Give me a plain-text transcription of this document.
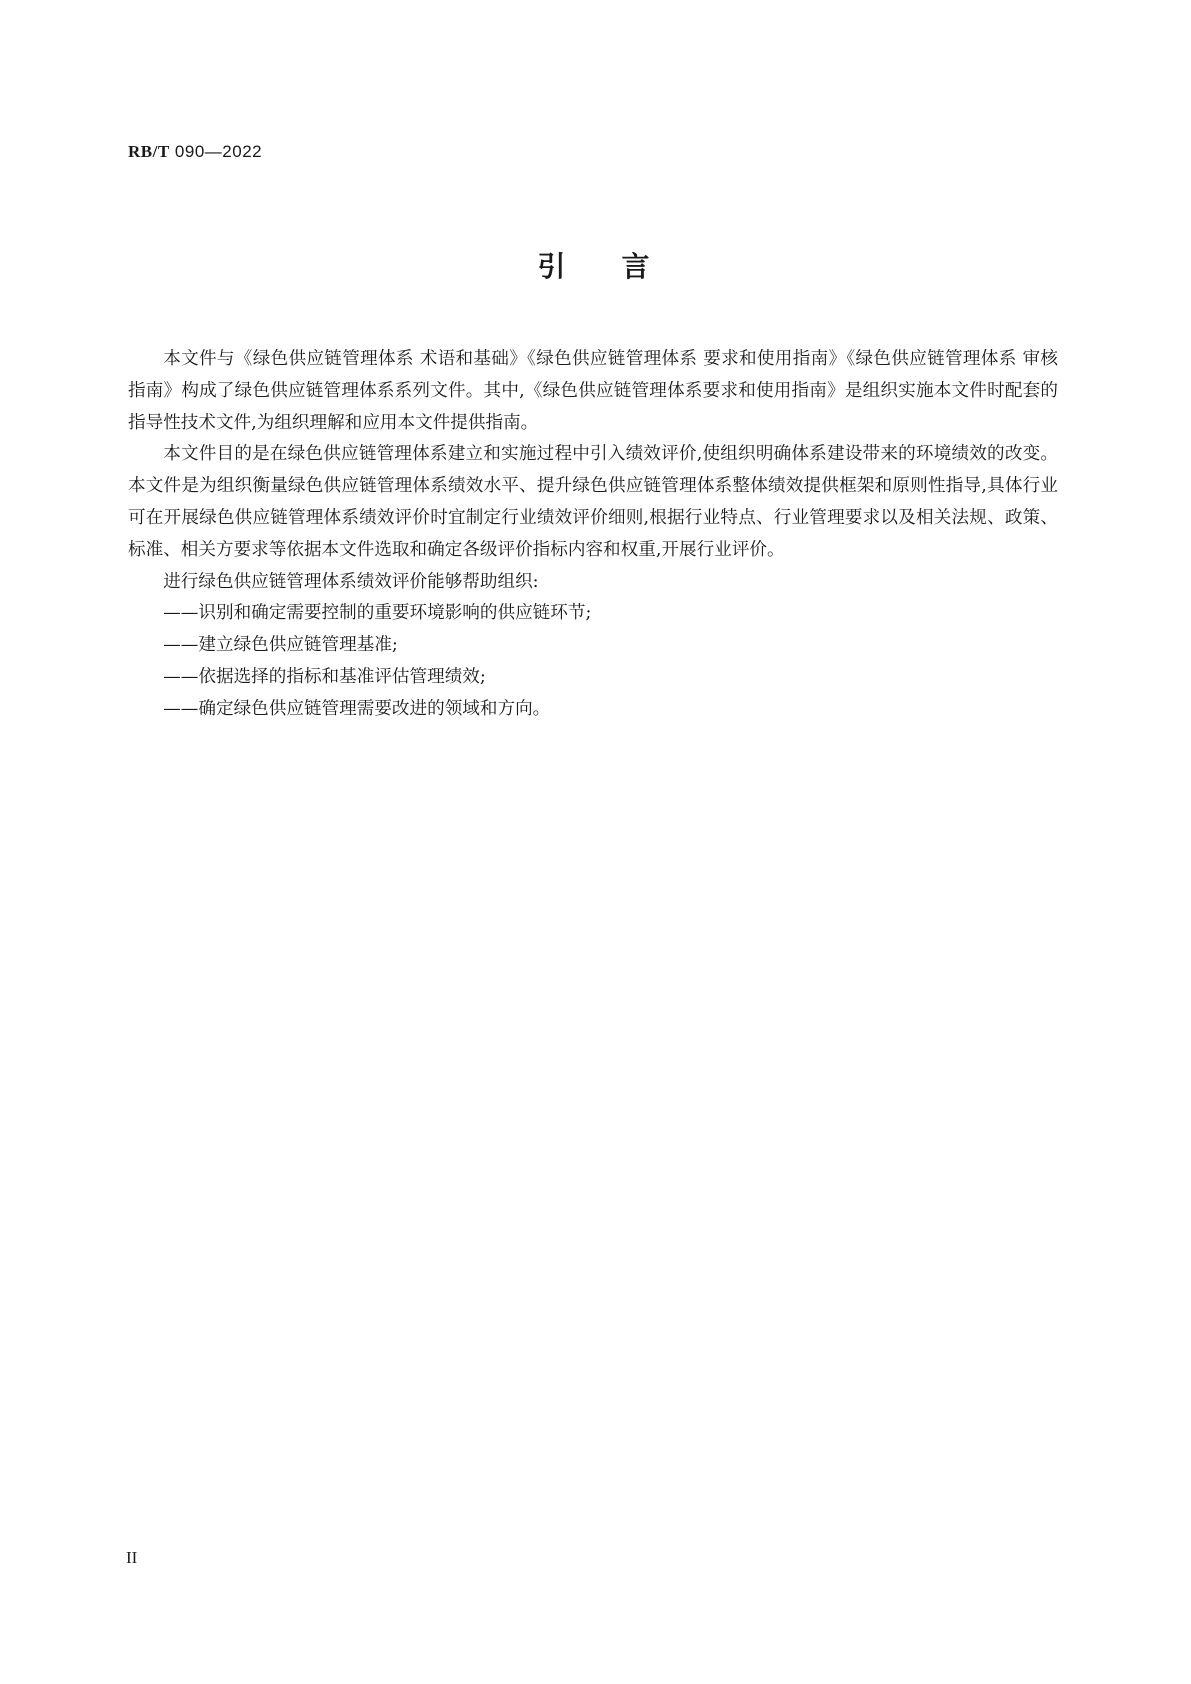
RB/T 090—2022
引 言

本文件与《绿色供应链管理体系 术语和基础》《绿色供应链管理体系 要求和使用指南》《绿色供应链管理体系 审核指南》构成了绿色供应链管理体系系列文件。其中,《绿色供应链管理体系要求和使用指南》是组织实施本文件时配套的指导性技术文件,为组织理解和应用本文件提供指南。

本文件目的是在绿色供应链管理体系建立和实施过程中引入绩效评价,使组织明确体系建设带来的环境绩效的改变。本文件是为组织衡量绿色供应链管理体系绩效水平、提升绿色供应链管理体系整体绩效提供框架和原则性指导,具体行业可在开展绿色供应链管理体系绩效评价时宜制定行业绩效评价细则,根据行业特点、行业管理要求以及相关法规、政策、标准、相关方要求等依据本文件选取和确定各级评价指标内容和权重,开展行业评价。

进行绿色供应链管理体系绩效评价能够帮助组织:

——识别和确定需要控制的重要环境影响的供应链环节;

——建立绿色供应链管理基准;

——依据选择的指标和基准评估管理绩效;

——确定绿色供应链管理需要改进的领域和方向。

II
